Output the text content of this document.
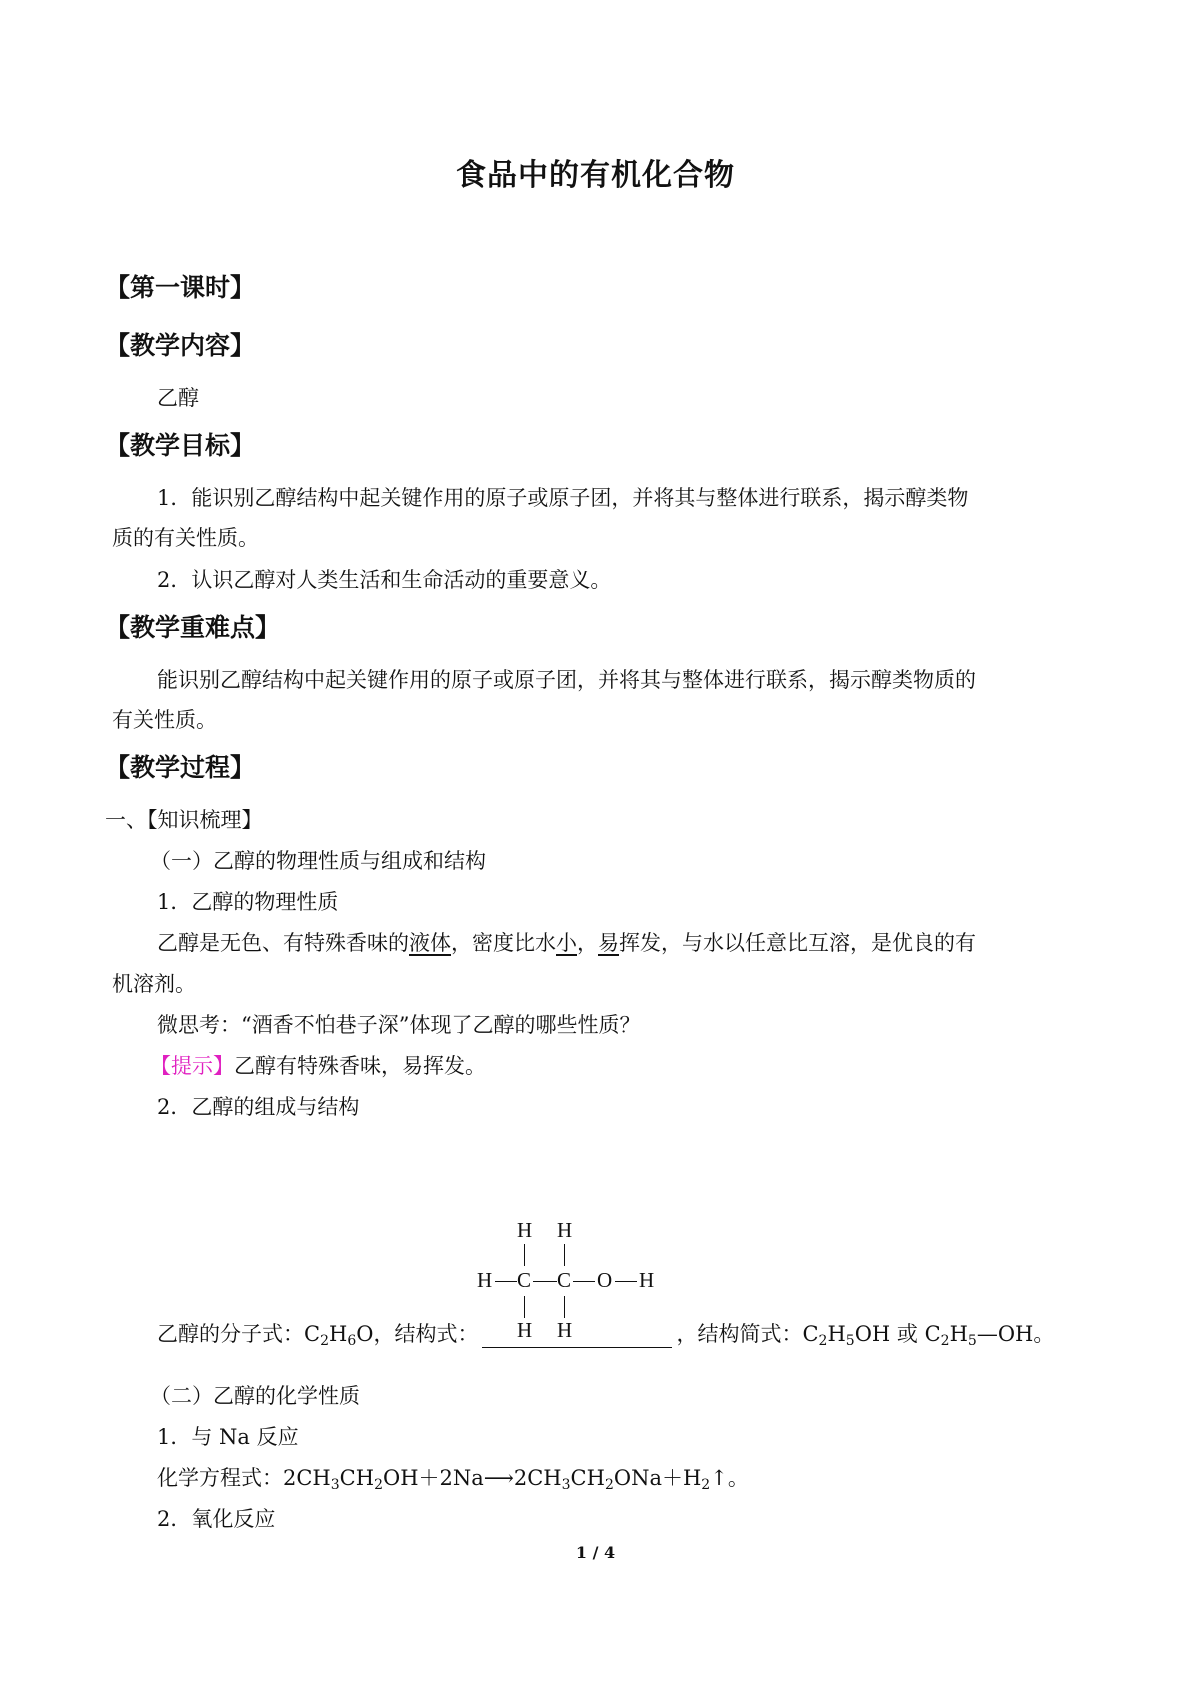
食品中的有机化合物
【第一课时】
【教学内容】
乙醇
【教学目标】
1．能识别乙醇结构中起关键作用的原子或原子团，并将其与整体进行联系，揭示醇类物
质的有关性质。
2．认识乙醇对人类生活和生命活动的重要意义。
【教学重难点】
能识别乙醇结构中起关键作用的原子或原子团，并将其与整体进行联系，揭示醇类物质的
有关性质。
【教学过程】
一、【知识梳理】
（一）乙醇的物理性质与组成和结构
1．乙醇的物理性质
乙醇是无色、有特殊香味的液体，密度比水小，易挥发，与水以任意比互溶，是优良的有
机溶剂。
微思考：“酒香不怕巷子深”体现了乙醇的哪些性质？
【提示】乙醇有特殊香味，易挥发。
2．乙醇的组成与结构
H H
H C C O H
H H
乙醇的分子式：$C_2H_6O$，结构式：	，结构简式：$C_2H_5OH$ 或 $C_2H_5—OH$。
（二）乙醇的化学性质
1．与 Na 反应
化学方程式：$2CH_3CH_2OH+2Na⟶2CH_3CH_2ONa+H_2↑$。
2．氧化反应
1 / 4
